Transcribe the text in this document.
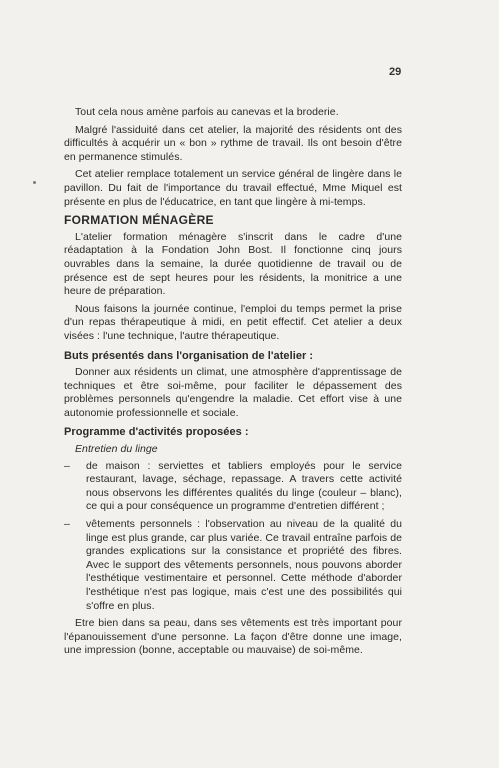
29

Tout cela nous amène parfois au canevas et la broderie.

Malgré l'assiduité dans cet atelier, la majorité des résidents ont des difficultés à acquérir un « bon » rythme de travail. Ils ont besoin d'être en permanence stimulés.

Cet atelier remplace totalement un service général de lingère dans le pavillon. Du fait de l'importance du travail effectué, Mme Miquel est présente en plus de l'éducatrice, en tant que lingère à mi-temps.

FORMATION MÉNAGÈRE

L'atelier formation ménagère s'inscrit dans le cadre d'une réadaptation à la Fondation John Bost. Il fonctionne cinq jours ouvrables dans la semaine, la durée quotidienne de travail ou de présence est de sept heures pour les résidents, la monitrice a une heure de préparation.

Nous faisons la journée continue, l'emploi du temps permet la prise d'un repas thérapeutique à midi, en petit effectif. Cet atelier a deux visées : l'une technique, l'autre thérapeutique.

Buts présentés dans l'organisation de l'atelier :

Donner aux résidents un climat, une atmosphère d'apprentissage de techniques et être soi-même, pour faciliter le dépassement des problèmes personnels qu'engendre la maladie. Cet effort vise à une autonomie professionnelle et sociale.

Programme d'activités proposées :
Entretien du linge
– de maison : serviettes et tabliers employés pour le service restaurant, lavage, séchage, repassage. A travers cette activité nous observons les différentes qualités du linge (couleur – blanc), ce qui a pour conséquence un programme d'entretien différent ;
– vêtements personnels : l'observation au niveau de la qualité du linge est plus grande, car plus variée. Ce travail entraîne parfois de grandes explications sur la consistance et propriété des fibres. Avec le support des vêtements personnels, nous pouvons aborder l'esthétique vestimentaire et personnel. Cette méthode d'aborder l'esthétique n'est pas logique, mais c'est une des possibilités qui s'offre en plus.

Etre bien dans sa peau, dans ses vêtements est très important pour l'épanouissement d'une personne. La façon d'être donne une image, une impression (bonne, acceptable ou mauvaise) de soi-même.
